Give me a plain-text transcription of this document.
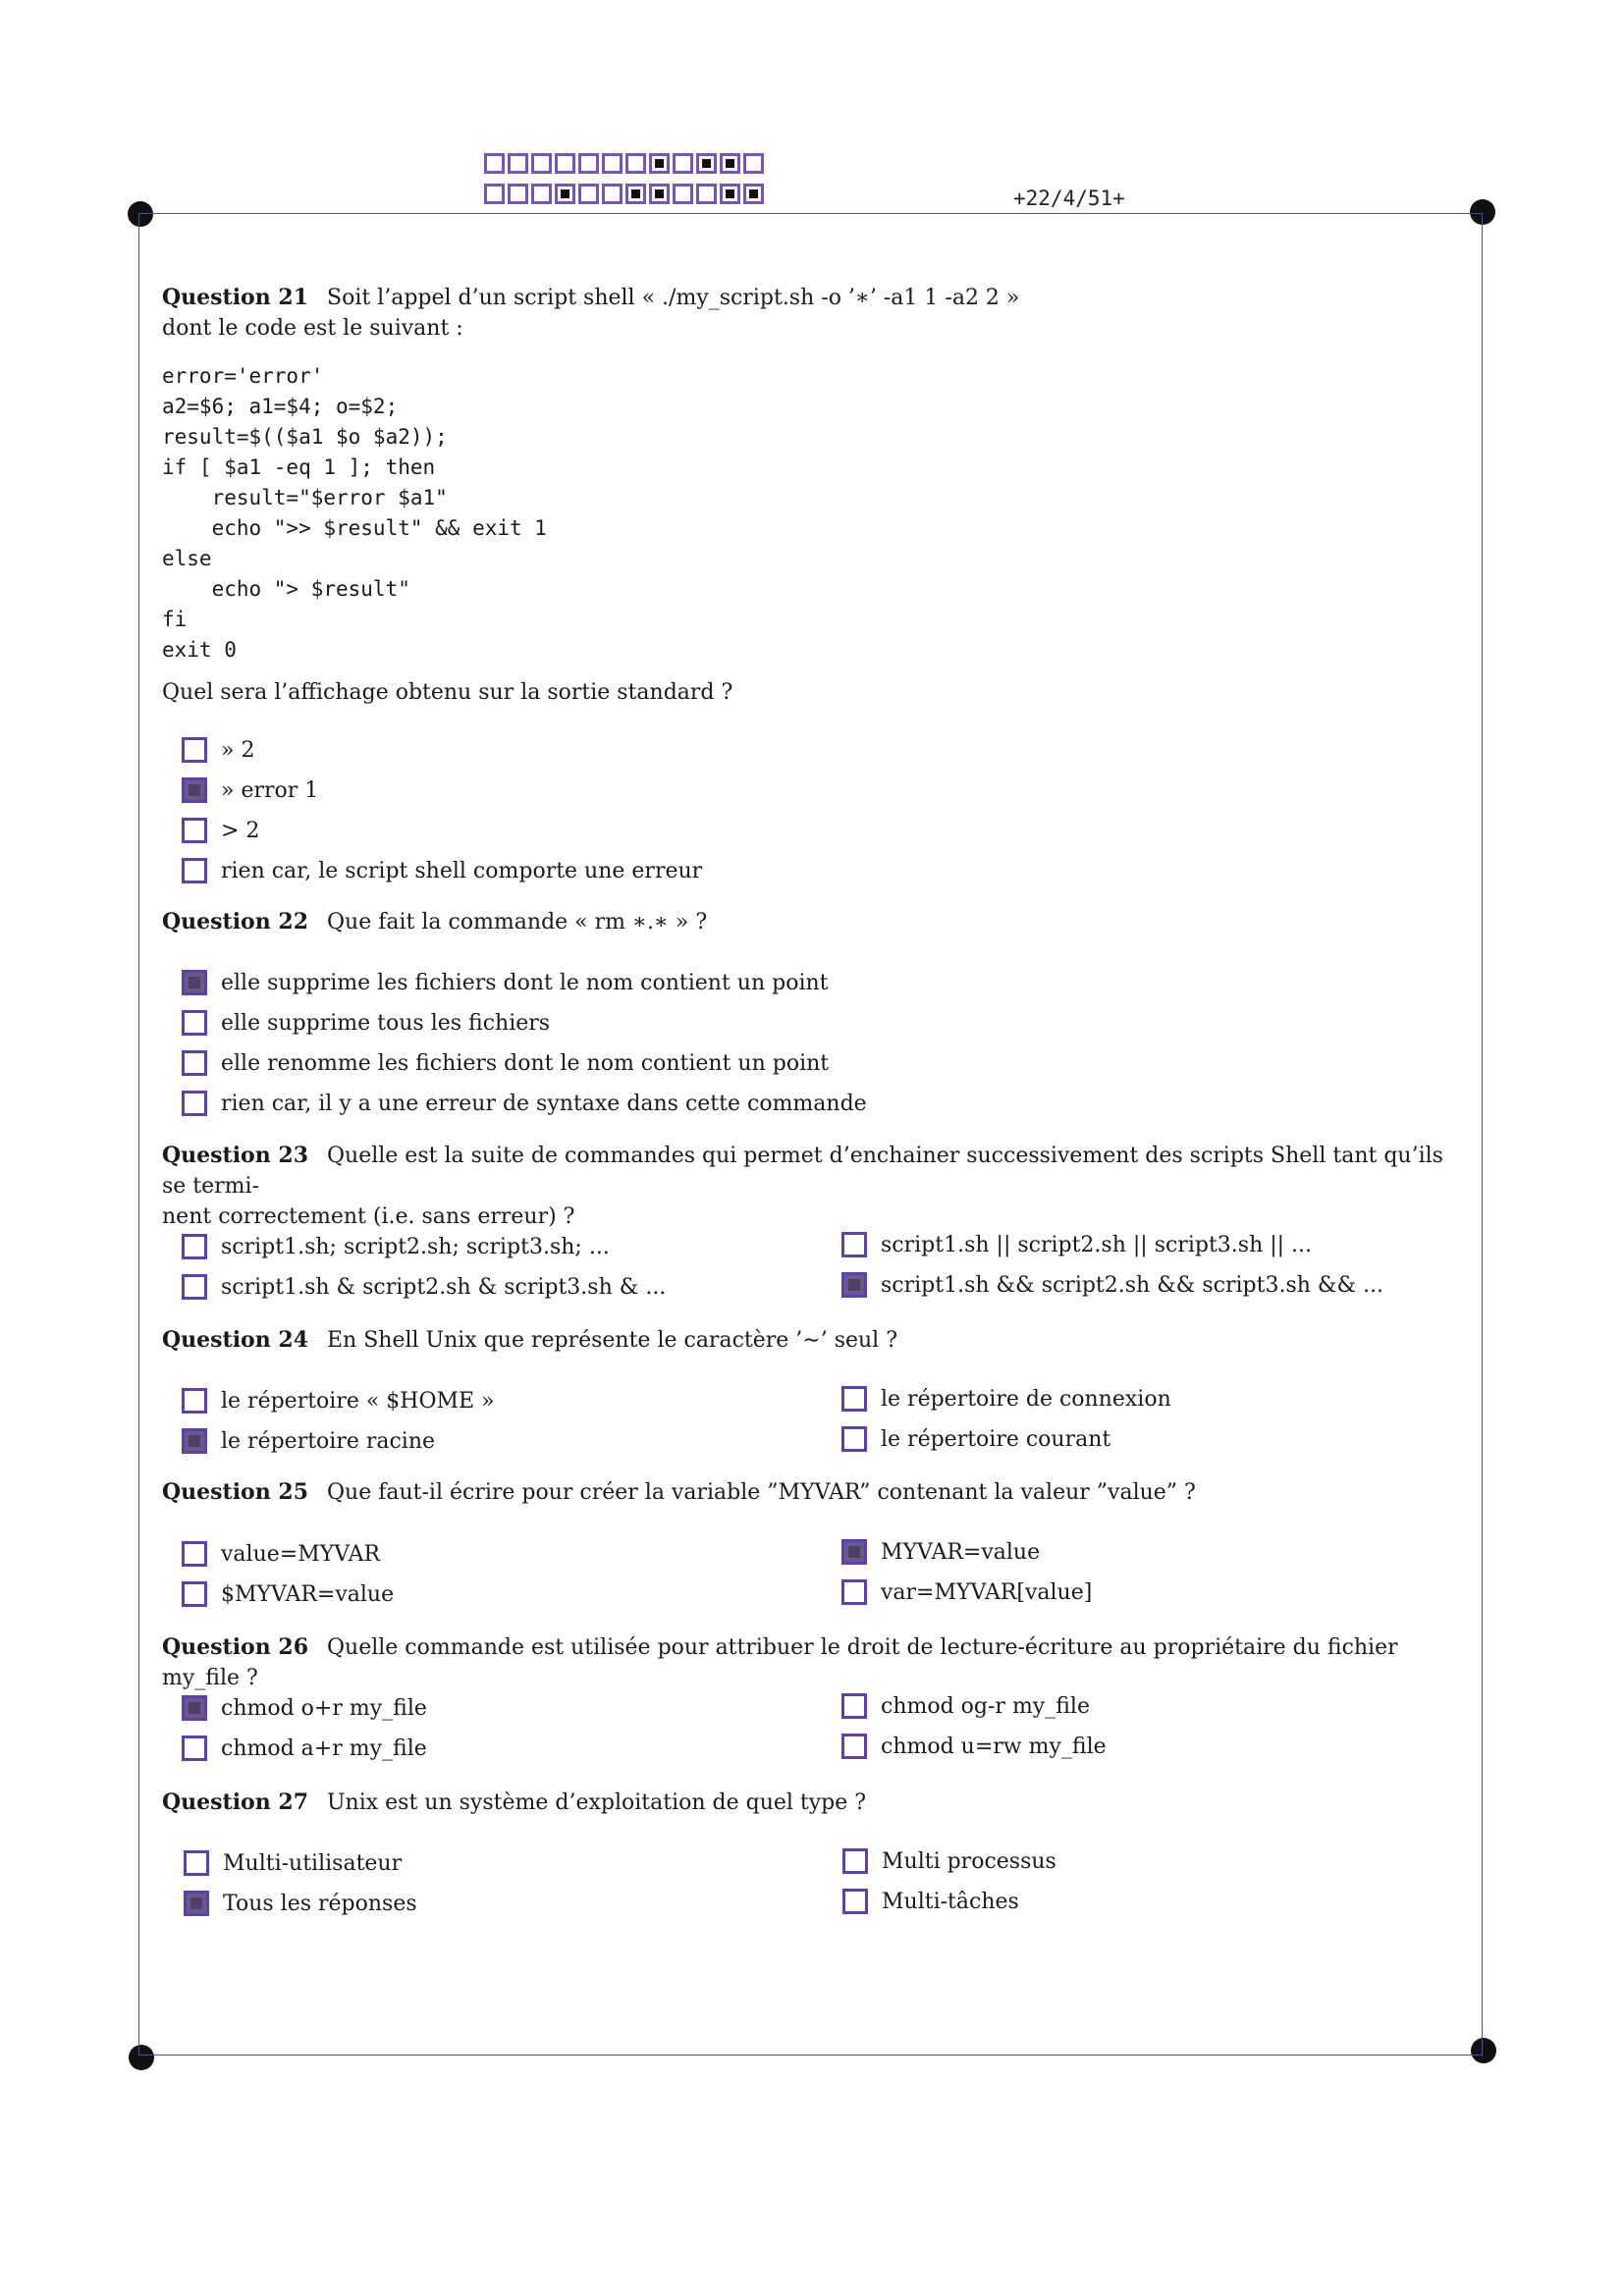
+22/4/51+
Question 21 Soit l’appel d’un script shell « ./my_script.sh -o ’∗’ -a1 1 -a2 2 »
dont le code est le suivant :
error='error'
a2=$6; a1=$4; o=$2;
result=$(($a1 $o $a2));
if [ $a1 -eq 1 ]; then
result="$error $a1"
echo ">> $result" && exit 1
else
echo "> $result"
fi
exit 0
Quel sera l’affichage obtenu sur la sortie standard ?
» 2
» error 1
> 2
rien car, le script shell comporte une erreur
Question 22 Que fait la commande « rm ∗.∗ » ?
elle supprime les fichiers dont le nom contient un point
elle supprime tous les fichiers
elle renomme les fichiers dont le nom contient un point
rien car, il y a une erreur de syntaxe dans cette commande
Question 23 Quelle est la suite de commandes qui permet d’enchainer successivement des scripts Shell tant qu’ils se termi-
nent correctement (i.e. sans erreur) ?
script1.sh; script2.sh; script3.sh; ...
script1.sh & script2.sh & script3.sh & ...
script1.sh || script2.sh || script3.sh || ...
script1.sh && script2.sh && script3.sh && ...
Question 24 En Shell Unix que représente le caractère ’∼’ seul ?
le répertoire « $HOME »
le répertoire racine
le répertoire de connexion
le répertoire courant
Question 25 Que faut-il écrire pour créer la variable ”MYVAR” contenant la valeur ”value” ?
value=MYVAR
$MYVAR=value
MYVAR=value
var=MYVAR[value]
Question 26 Quelle commande est utilisée pour attribuer le droit de lecture-écriture au propriétaire du fichier my_file ?
chmod o+r my_file
chmod a+r my_file
chmod og-r my_file
chmod u=rw my_file
Question 27 Unix est un système d’exploitation de quel type ?
Multi-utilisateur
Tous les réponses
Multi processus
Multi-tâches
